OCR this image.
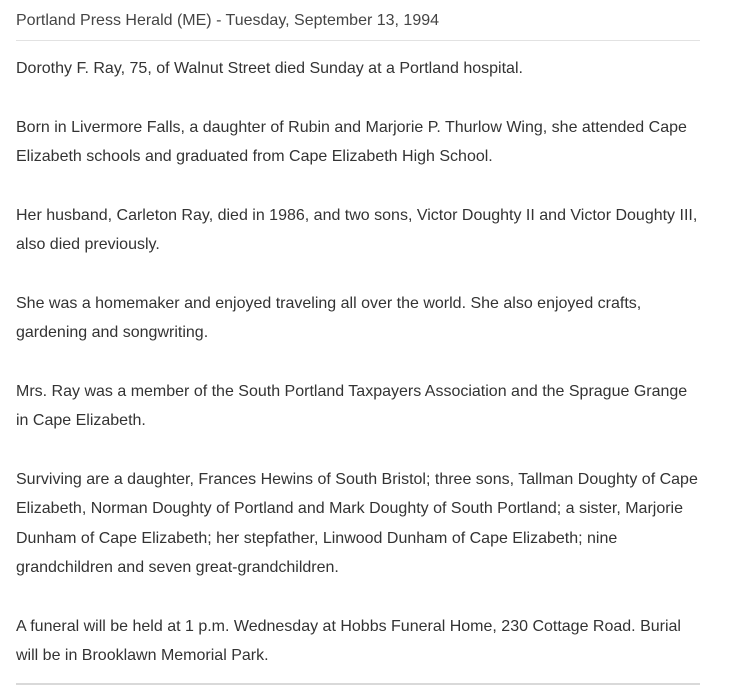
Portland Press Herald (ME) - Tuesday, September 13, 1994

Dorothy F. Ray, 75, of Walnut Street died Sunday at a Portland hospital.

Born in Livermore Falls, a daughter of Rubin and Marjorie P. Thurlow Wing, she attended Cape Elizabeth schools and graduated from Cape Elizabeth High School.

Her husband, Carleton Ray, died in 1986, and two sons, Victor Doughty II and Victor Doughty III, also died previously.

She was a homemaker and enjoyed traveling all over the world. She also enjoyed crafts, gardening and songwriting.

Mrs. Ray was a member of the South Portland Taxpayers Association and the Sprague Grange in Cape Elizabeth.

Surviving are a daughter, Frances Hewins of South Bristol; three sons, Tallman Doughty of Cape Elizabeth, Norman Doughty of Portland and Mark Doughty of South Portland; a sister, Marjorie Dunham of Cape Elizabeth; her stepfather, Linwood Dunham of Cape Elizabeth; nine grandchildren and seven great-grandchildren.

A funeral will be held at 1 p.m. Wednesday at Hobbs Funeral Home, 230 Cottage Road. Burial will be in Brooklawn Memorial Park.
